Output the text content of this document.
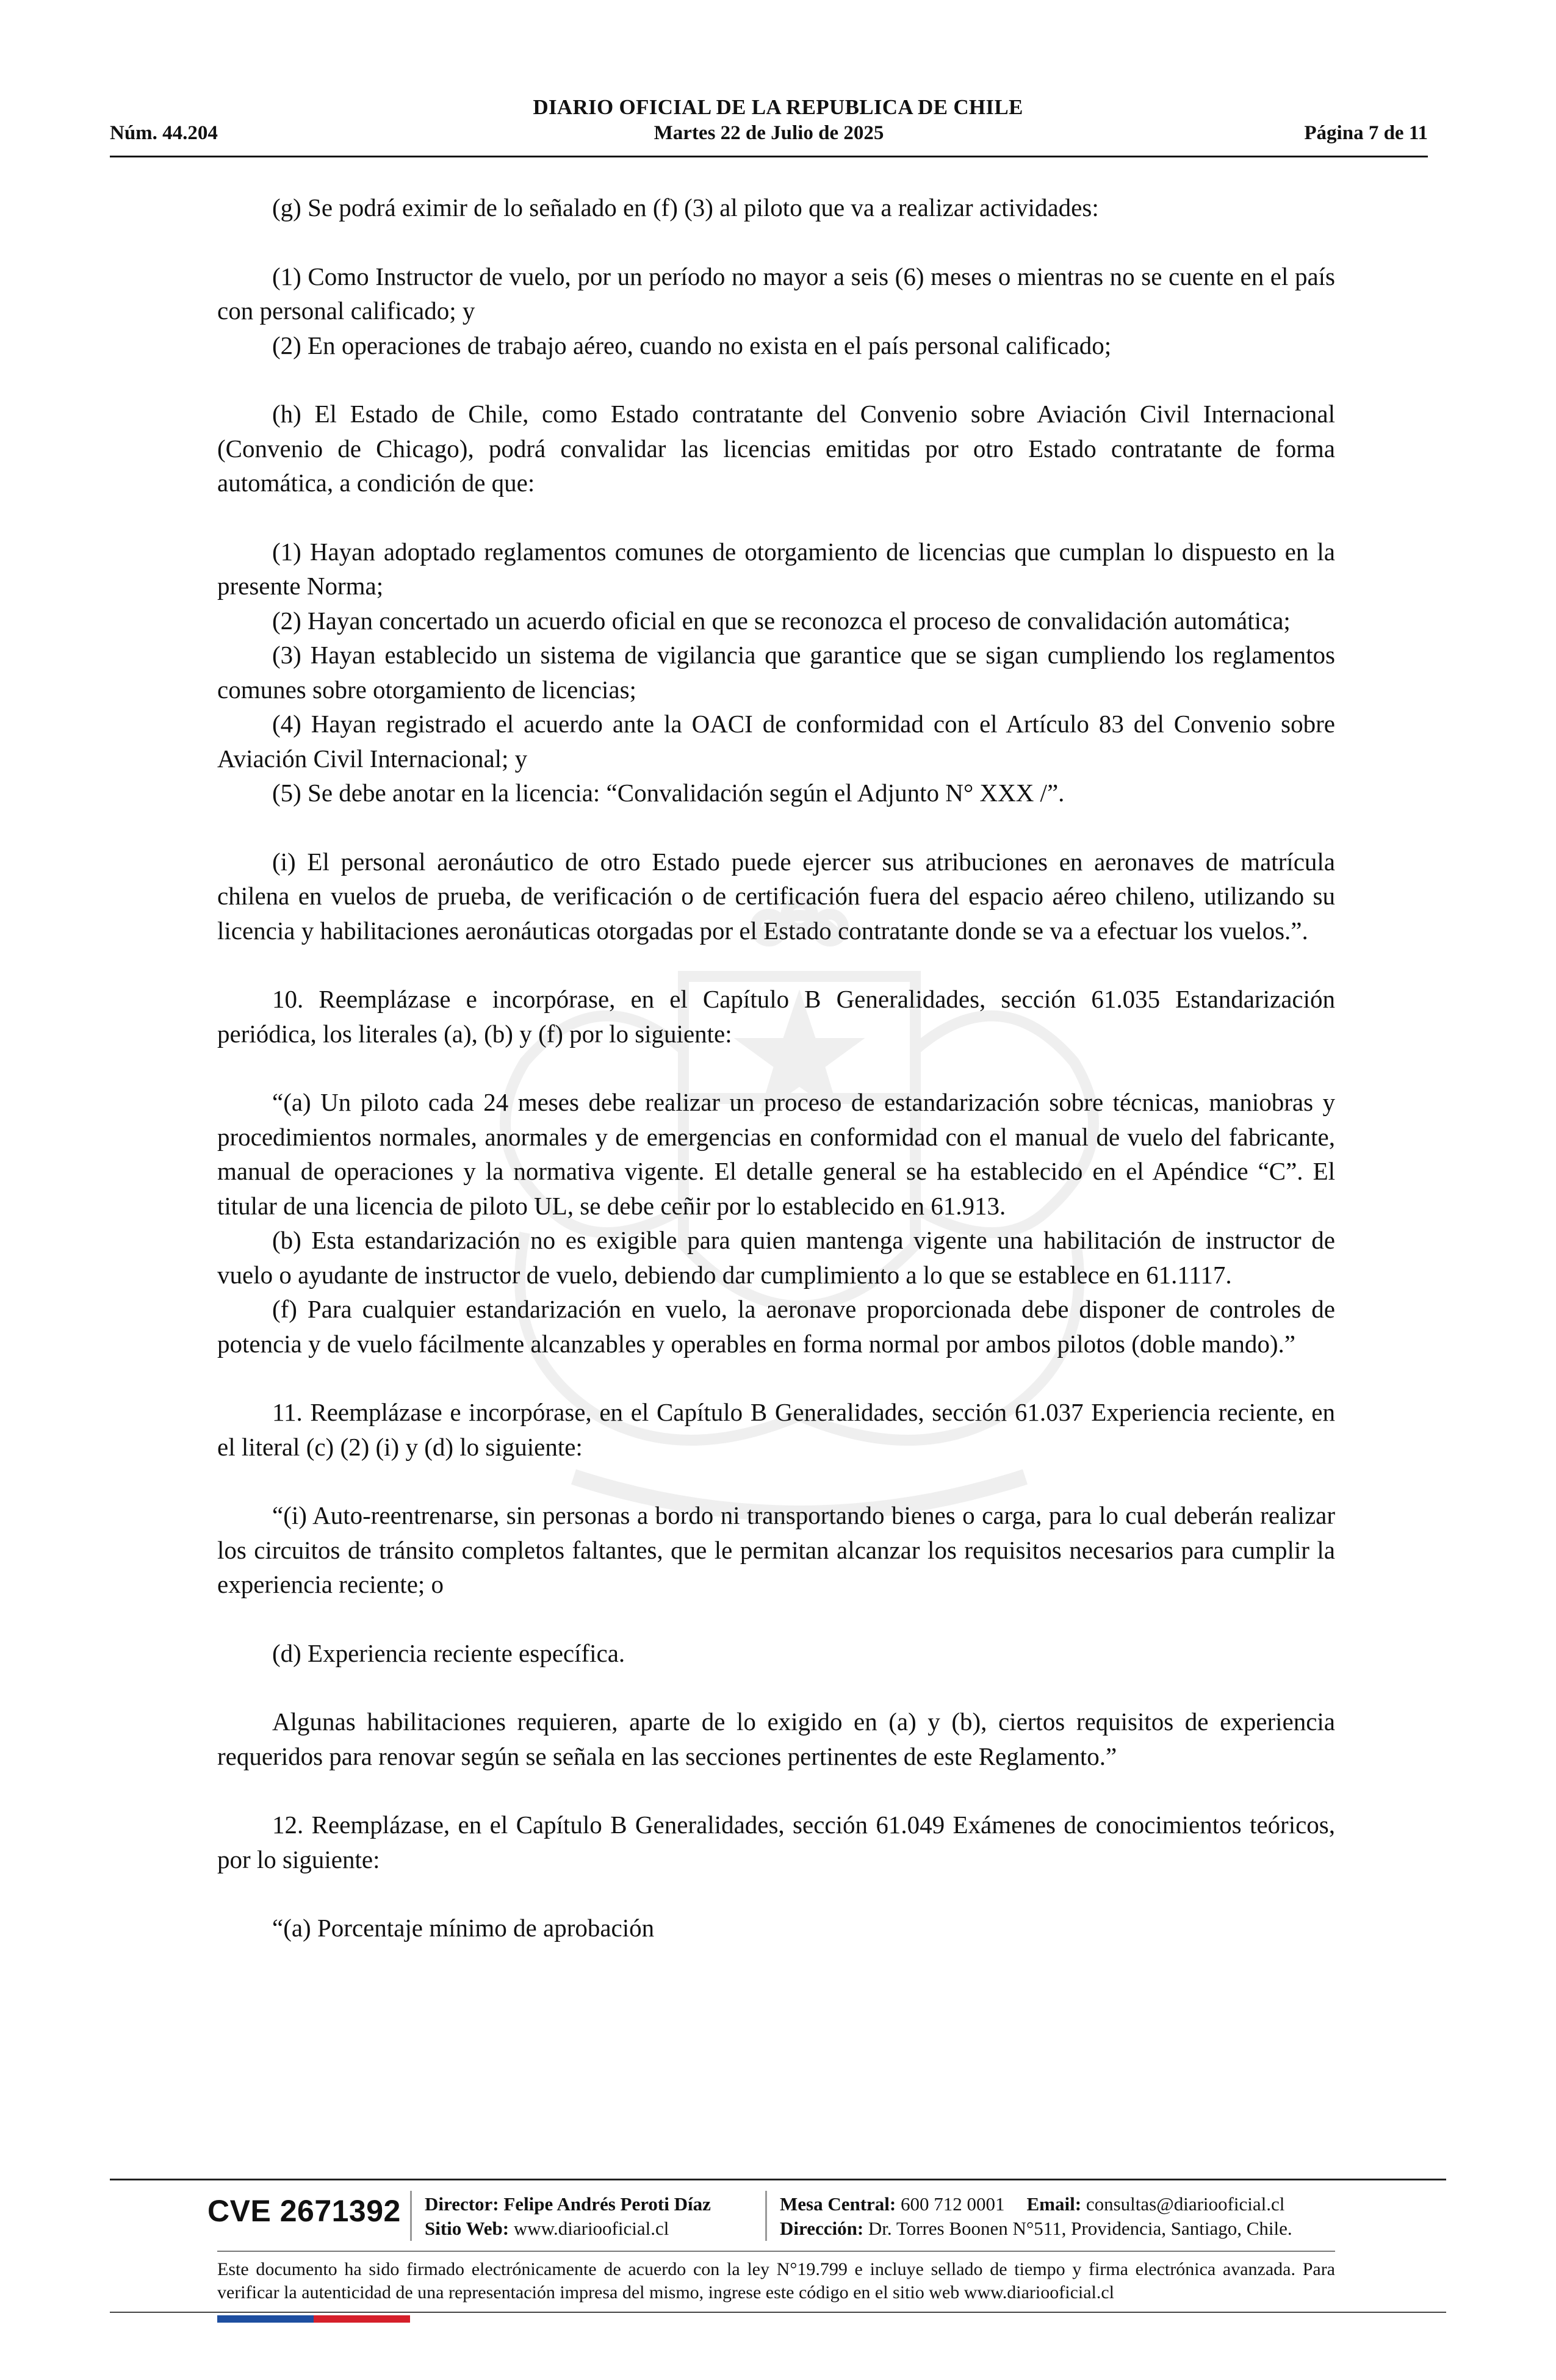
DIARIO OFICIAL DE LA REPUBLICA DE CHILE
Martes 22 de Julio de 2025
Núm. 44.204	Página 7 de 11

(g) Se podrá eximir de lo señalado en (f) (3) al piloto que va a realizar actividades:

(1) Como Instructor de vuelo, por un período no mayor a seis (6) meses o mientras no se cuente en el país con personal calificado; y

(2) En operaciones de trabajo aéreo, cuando no exista en el país personal calificado;

(h) El Estado de Chile, como Estado contratante del Convenio sobre Aviación Civil Internacional (Convenio de Chicago), podrá convalidar las licencias emitidas por otro Estado contratante de forma automática, a condición de que:

(1) Hayan adoptado reglamentos comunes de otorgamiento de licencias que cumplan lo dispuesto en la presente Norma;

(2) Hayan concertado un acuerdo oficial en que se reconozca el proceso de convalidación automática;

(3) Hayan establecido un sistema de vigilancia que garantice que se sigan cumpliendo los reglamentos comunes sobre otorgamiento de licencias;

(4) Hayan registrado el acuerdo ante la OACI de conformidad con el Artículo 83 del Convenio sobre Aviación Civil Internacional; y

(5) Se debe anotar en la licencia: “Convalidación según el Adjunto N° XXX /”.

(i) El personal aeronáutico de otro Estado puede ejercer sus atribuciones en aeronaves de matrícula chilena en vuelos de prueba, de verificación o de certificación fuera del espacio aéreo chileno, utilizando su licencia y habilitaciones aeronáuticas otorgadas por el Estado contratante donde se va a efectuar los vuelos.”.

10. Reemplázase e incorpórase, en el Capítulo B Generalidades, sección 61.035 Estandarización periódica, los literales (a), (b) y (f) por lo siguiente:

“(a) Un piloto cada 24 meses debe realizar un proceso de estandarización sobre técnicas, maniobras y procedimientos normales, anormales y de emergencias en conformidad con el manual de vuelo del fabricante, manual de operaciones y la normativa vigente. El detalle general se ha establecido en el Apéndice “C”. El titular de una licencia de piloto UL, se debe ceñir por lo establecido en 61.913.

(b) Esta estandarización no es exigible para quien mantenga vigente una habilitación de instructor de vuelo o ayudante de instructor de vuelo, debiendo dar cumplimiento a lo que se establece en 61.1117.

(f) Para cualquier estandarización en vuelo, la aeronave proporcionada debe disponer de controles de potencia y de vuelo fácilmente alcanzables y operables en forma normal por ambos pilotos (doble mando).”

11. Reemplázase e incorpórase, en el Capítulo B Generalidades, sección 61.037 Experiencia reciente, en el literal (c) (2) (i) y (d) lo siguiente:

“(i) Auto-reentrenarse, sin personas a bordo ni transportando bienes o carga, para lo cual deberán realizar los circuitos de tránsito completos faltantes, que le permitan alcanzar los requisitos necesarios para cumplir la experiencia reciente; o

(d) Experiencia reciente específica.

Algunas habilitaciones requieren, aparte de lo exigido en (a) y (b), ciertos requisitos de experiencia requeridos para renovar según se señala en las secciones pertinentes de este Reglamento.”

12. Reemplázase, en el Capítulo B Generalidades, sección 61.049 Exámenes de conocimientos teóricos, por lo siguiente:

“(a) Porcentaje mínimo de aprobación

CVE 2671392 Director: Felipe Andrés Peroti Díaz
Sitio Web: www.diariooficial.cl
Mesa Central: 600 712 0001 Email: consultas@diariooficial.cl
Dirección: Dr. Torres Boonen N°511, Providencia, Santiago, Chile.
Este documento ha sido firmado electrónicamente de acuerdo con la ley N°19.799 e incluye sellado de tiempo y firma electrónica avanzada. Para verificar la autenticidad de una representación impresa del mismo, ingrese este código en el sitio web www.diariooficial.cl
